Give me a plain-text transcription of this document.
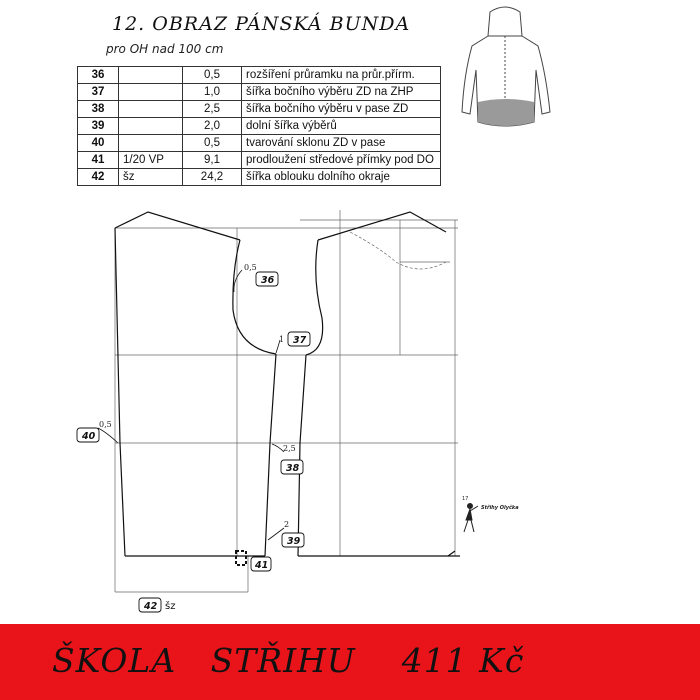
12. OBRAZ PÁNSKÁ BUNDA
pro OH nad 100 cm
36		0,5	rozšíření průramku na průr.přírm.
37		1,0	šířka bočního výběru ZD na ZHP
38		2,5	šířka bočního výběru v pase ZD
39		2,0	dolní šířka výběrů
40		0,5	tvarování sklonu ZD v pase
41	1/20 VP	9,1	prodloužení středové přímky pod DO
42	šz	24,2	šířka oblouku dolního okraje
36
37
38
39
40
41
42
0,5
1
2,5
2
0,5
šz
17
Střihy Olyčka
ŠKOLA   STŘIHU    411 Kč
